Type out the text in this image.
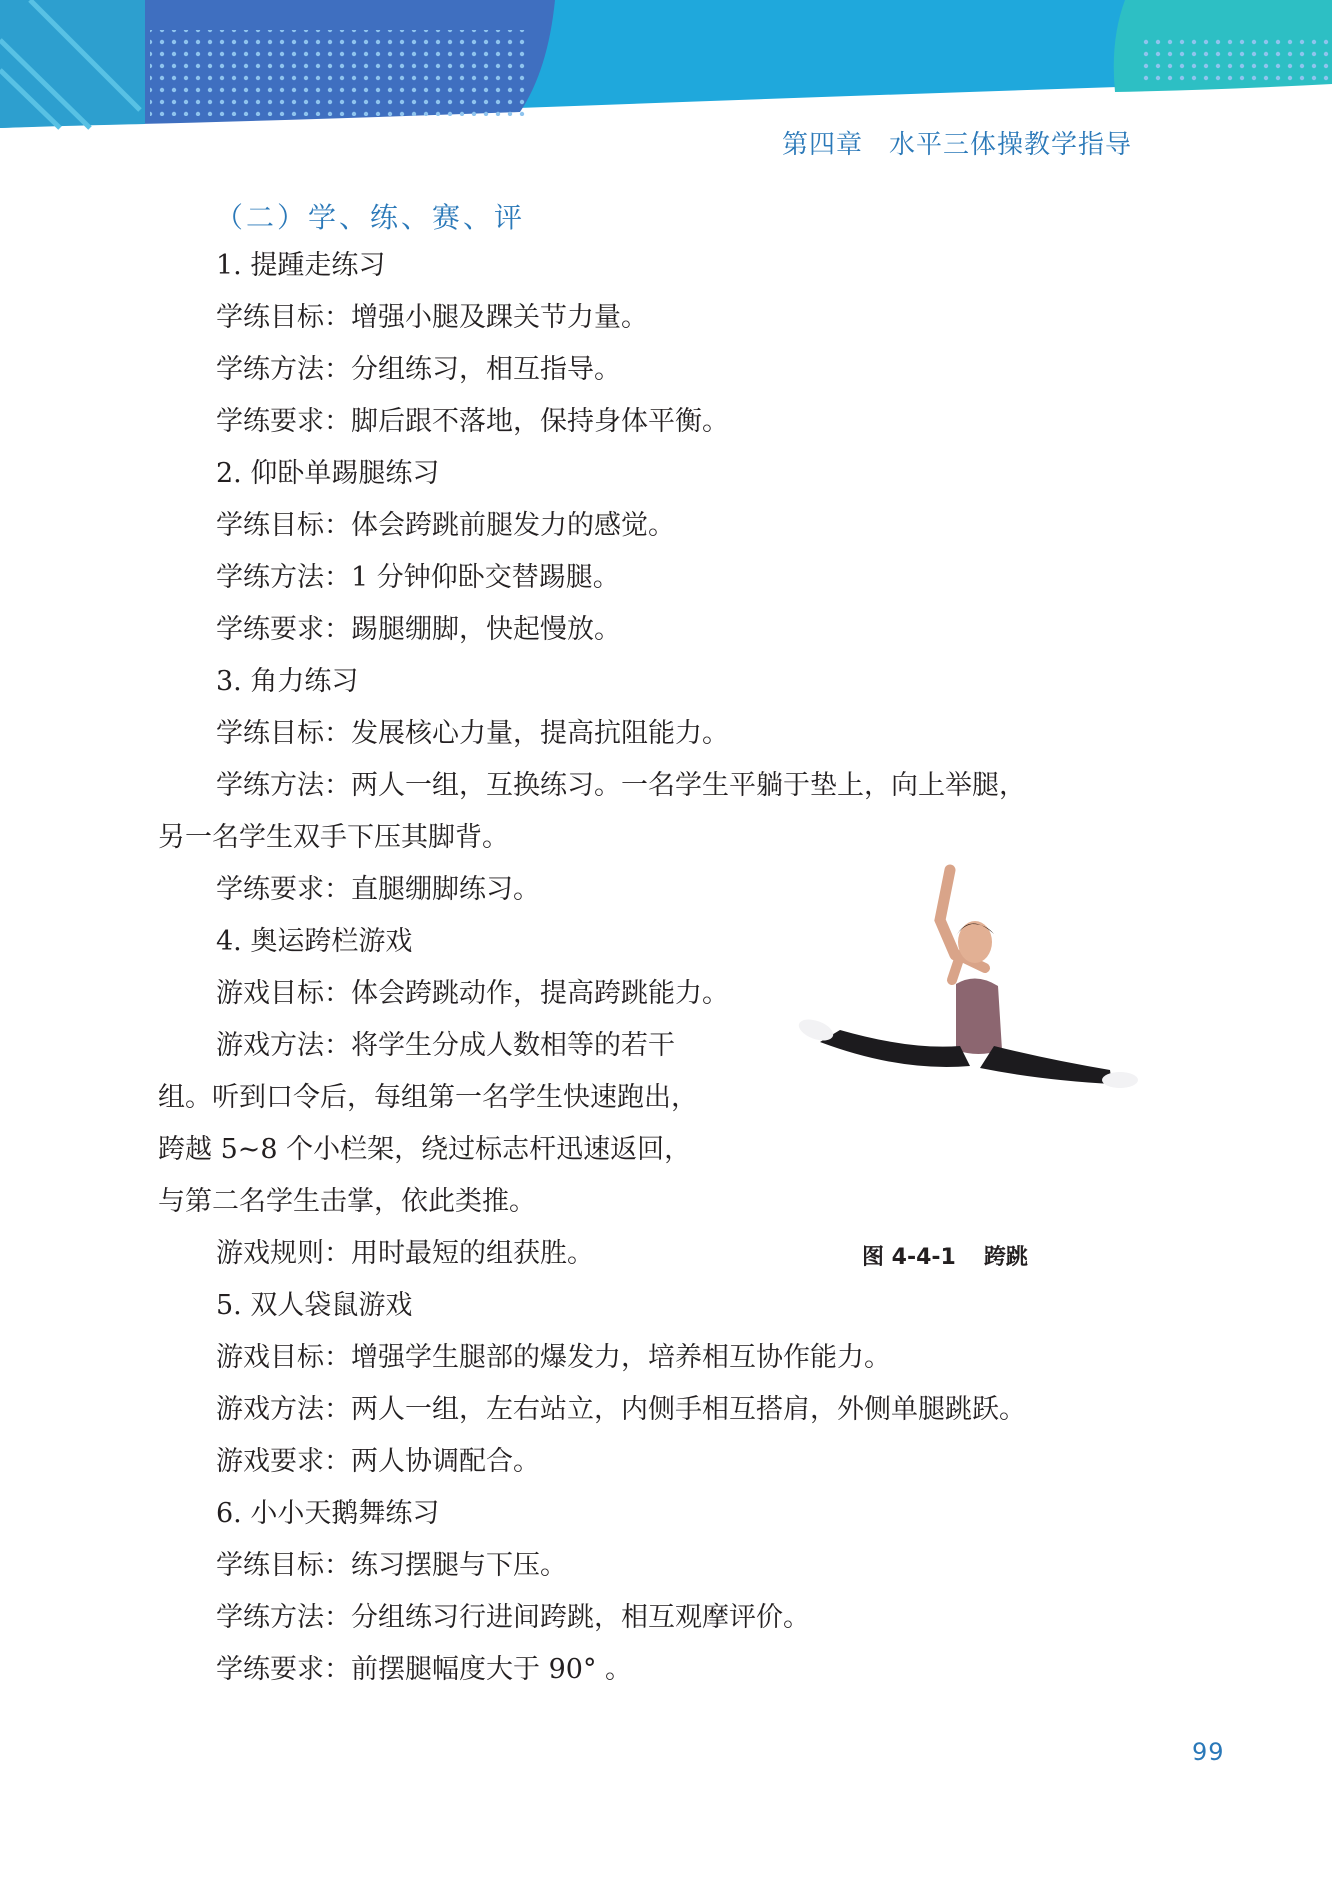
第四章 水平三体操教学指导
（二）学、练、赛、评
1. 提踵走练习
学练目标：增强小腿及踝关节力量。
学练方法：分组练习，相互指导。
学练要求：脚后跟不落地，保持身体平衡。
2. 仰卧单踢腿练习
学练目标：体会跨跳前腿发力的感觉。
学练方法：1 分钟仰卧交替踢腿。
学练要求：踢腿绷脚，快起慢放。
3. 角力练习
学练目标：发展核心力量，提高抗阻能力。
学练方法：两人一组，互换练习。一名学生平躺于垫上，向上举腿，
另一名学生双手下压其脚背。
学练要求：直腿绷脚练习。
4. 奥运跨栏游戏
游戏目标：体会跨跳动作，提高跨跳能力。
游戏方法：将学生分成人数相等的若干
组。听到口令后，每组第一名学生快速跑出，
跨越 5~8 个小栏架，绕过标志杆迅速返回，
与第二名学生击掌，依此类推。
游戏规则：用时最短的组获胜。
5. 双人袋鼠游戏
游戏目标：增强学生腿部的爆发力，培养相互协作能力。
游戏方法：两人一组，左右站立，内侧手相互搭肩，外侧单腿跳跃。
游戏要求：两人协调配合。
6. 小小天鹅舞练习
学练目标：练习摆腿与下压。
学练方法：分组练习行进间跨跳，相互观摩评价。
学练要求：前摆腿幅度大于 90° 。
图 4-4-1 跨跳
99
